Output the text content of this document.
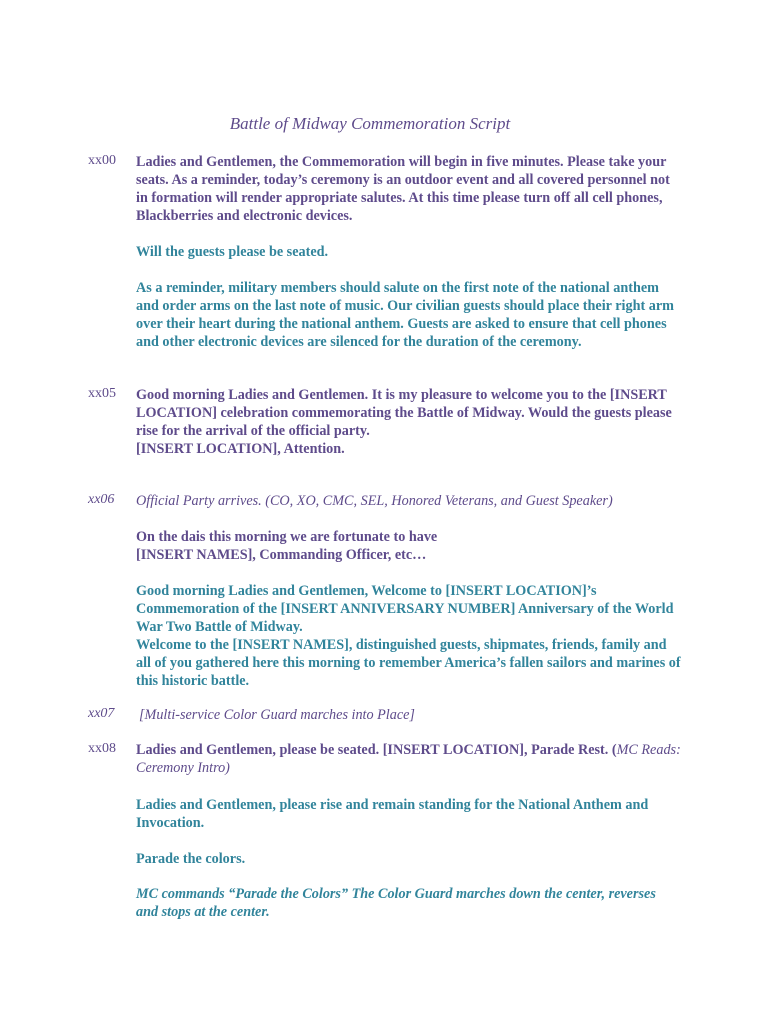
Battle of Midway Commemoration Script
xx00 Ladies and Gentlemen, the Commemoration will begin in five minutes. Please take your seats. As a reminder, today’s ceremony is an outdoor event and all covered personnel not in formation will render appropriate salutes. At this time please turn off all cell phones, Blackberries and electronic devices.

Will the guests please be seated.

As a reminder, military members should salute on the first note of the national anthem and order arms on the last note of music. Our civilian guests should place their right arm over their heart during the national anthem. Guests are asked to ensure that cell phones and other electronic devices are silenced for the duration of the ceremony.

xx05 Good morning Ladies and Gentlemen. It is my pleasure to welcome you to the [INSERT LOCATION] celebration commemorating the Battle of Midway. Would the guests please rise for the arrival of the official party.
[INSERT LOCATION], Attention.

xx06 Official Party arrives. (CO, XO, CMC, SEL, Honored Veterans, and Guest Speaker)

On the dais this morning we are fortunate to have
[INSERT NAMES], Commanding Officer, etc…

Good morning Ladies and Gentlemen, Welcome to [INSERT LOCATION]’s Commemoration of the [INSERT ANNIVERSARY NUMBER] Anniversary of the World War Two Battle of Midway.
Welcome to the [INSERT NAMES], distinguished guests, shipmates, friends, family and all of you gathered here this morning to remember America’s fallen sailors and marines of this historic battle.

xx07 [Multi-service Color Guard marches into Place]

xx08 Ladies and Gentlemen, please be seated. [INSERT LOCATION], Parade Rest. (MC Reads: Ceremony Intro)

Ladies and Gentlemen, please rise and remain standing for the National Anthem and Invocation.

Parade the colors.

MC commands “Parade the Colors” The Color Guard marches down the center, reverses and stops at the center.
